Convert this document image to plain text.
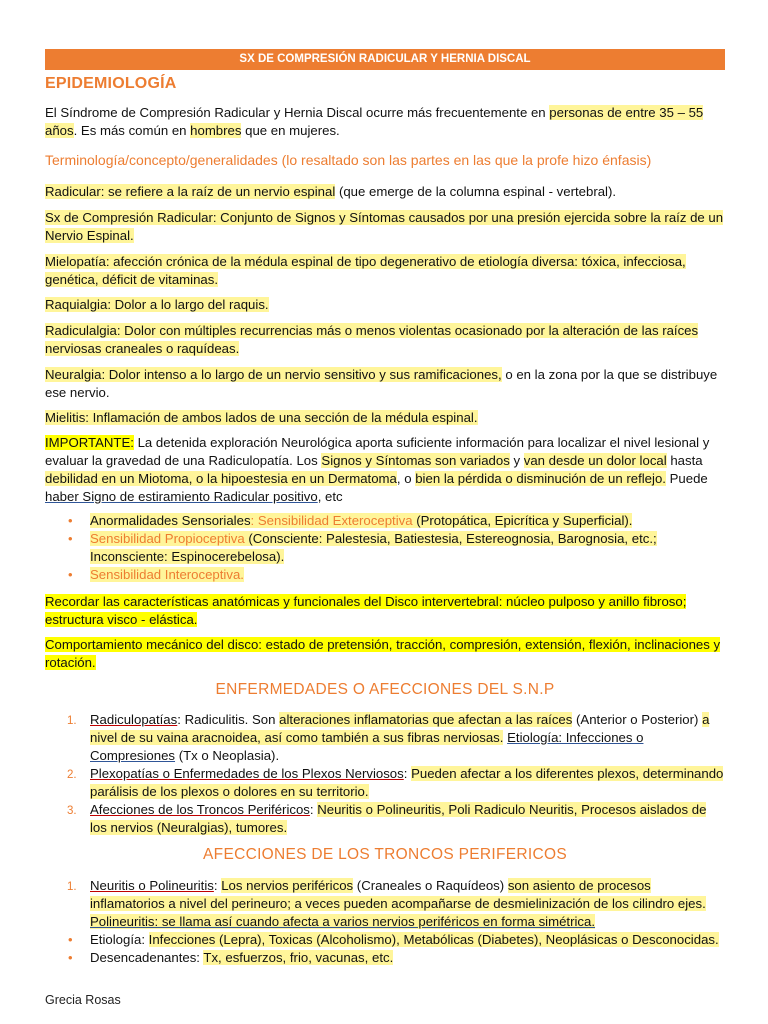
SX DE COMPRESIÓN RADICULAR Y HERNIA DISCAL
EPIDEMIOLOGÍA
El Síndrome de Compresión Radicular y Hernia Discal ocurre más frecuentemente en personas de entre 35 – 55 años. Es más común en hombres que en mujeres.
Terminología/concepto/generalidades (lo resaltado son las partes en las que la profe hizo énfasis)
Radicular: se refiere a la raíz de un nervio espinal (que emerge de la columna espinal - vertebral).
Sx de Compresión Radicular: Conjunto de Signos y Síntomas causados por una presión ejercida sobre la raíz de un Nervio Espinal.
Mielopatía: afección crónica de la médula espinal de tipo degenerativo de etiología diversa: tóxica, infecciosa, genética, déficit de vitaminas.
Raquialgia: Dolor a lo largo del raquis.
Radiculalgia: Dolor con múltiples recurrencias más o menos violentas ocasionado por la alteración de las raíces nerviosas craneales o raquídeas.
Neuralgia: Dolor intenso a lo largo de un nervio sensitivo y sus ramificaciones, o en la zona por la que se distribuye ese nervio.
Mielitis: Inflamación de ambos lados de una sección de la médula espinal.
IMPORTANTE: La detenida exploración Neurológica aporta suficiente información para localizar el nivel lesional y evaluar la gravedad de una Radiculopatía. Los Signos y Síntomas son variados y van desde un dolor local hasta debilidad en un Miotoma, o la hipoestesia en un Dermatoma, o bien la pérdida o disminución de un reflejo. Puede haber Signo de estiramiento Radicular positivo, etc
• Anormalidades Sensoriales: Sensibilidad Exteroceptiva (Protopática, Epicrítica y Superficial).
• Sensibilidad Propioceptiva (Consciente: Palestesia, Batiestesia, Estereognosia, Barognosia, etc.; Inconsciente: Espinocerebelosa).
• Sensibilidad Interoceptiva.
Recordar las características anatómicas y funcionales del Disco intervertebral: núcleo pulposo y anillo fibroso; estructura visco - elástica.
Comportamiento mecánico del disco: estado de pretensión, tracción, compresión, extensión, flexión, inclinaciones y rotación.
ENFERMEDADES O AFECCIONES DEL S.N.P
1. Radiculopatías: Radiculitis. Son alteraciones inflamatorias que afectan a las raíces (Anterior o Posterior) a nivel de su vaina aracnoidea, así como también a sus fibras nerviosas. Etiología: Infecciones o Compresiones (Tx o Neoplasia).
2. Plexopatías o Enfermedades de los Plexos Nerviosos: Pueden afectar a los diferentes plexos, determinando parálisis de los plexos o dolores en su territorio.
3. Afecciones de los Troncos Periféricos: Neuritis o Polineuritis, Poli Radiculo Neuritis, Procesos aislados de los nervios (Neuralgias), tumores.
AFECCIONES DE LOS TRONCOS PERIFERICOS
1. Neuritis o Polineuritis: Los nervios periféricos (Craneales o Raquídeos) son asiento de procesos inflamatorios a nivel del perineuro; a veces pueden acompañarse de desmielinización de los cilindro ejes. Polineuritis: se llama así cuando afecta a varios nervios periféricos en forma simétrica.
• Etiología: Infecciones (Lepra), Toxicas (Alcoholismo), Metabólicas (Diabetes), Neoplásicas o Desconocidas.
• Desencadenantes: Tx, esfuerzos, frio, vacunas, etc.
Grecia Rosas
